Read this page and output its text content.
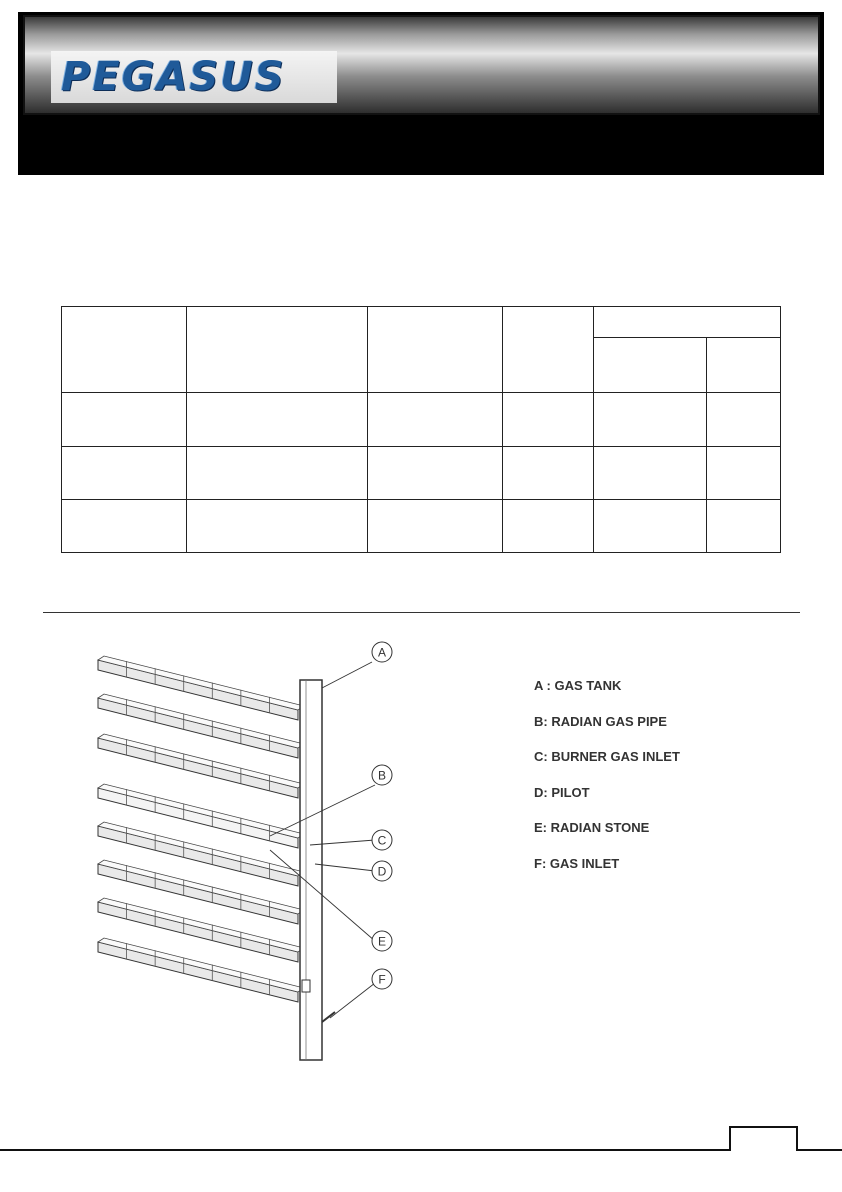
PEGASUS

A
B
C
D
E
F
A : GAS TANK
B: RADIAN GAS PIPE
C: BURNER GAS INLET
D: PILOT
E: RADIAN STONE
F: GAS INLET
